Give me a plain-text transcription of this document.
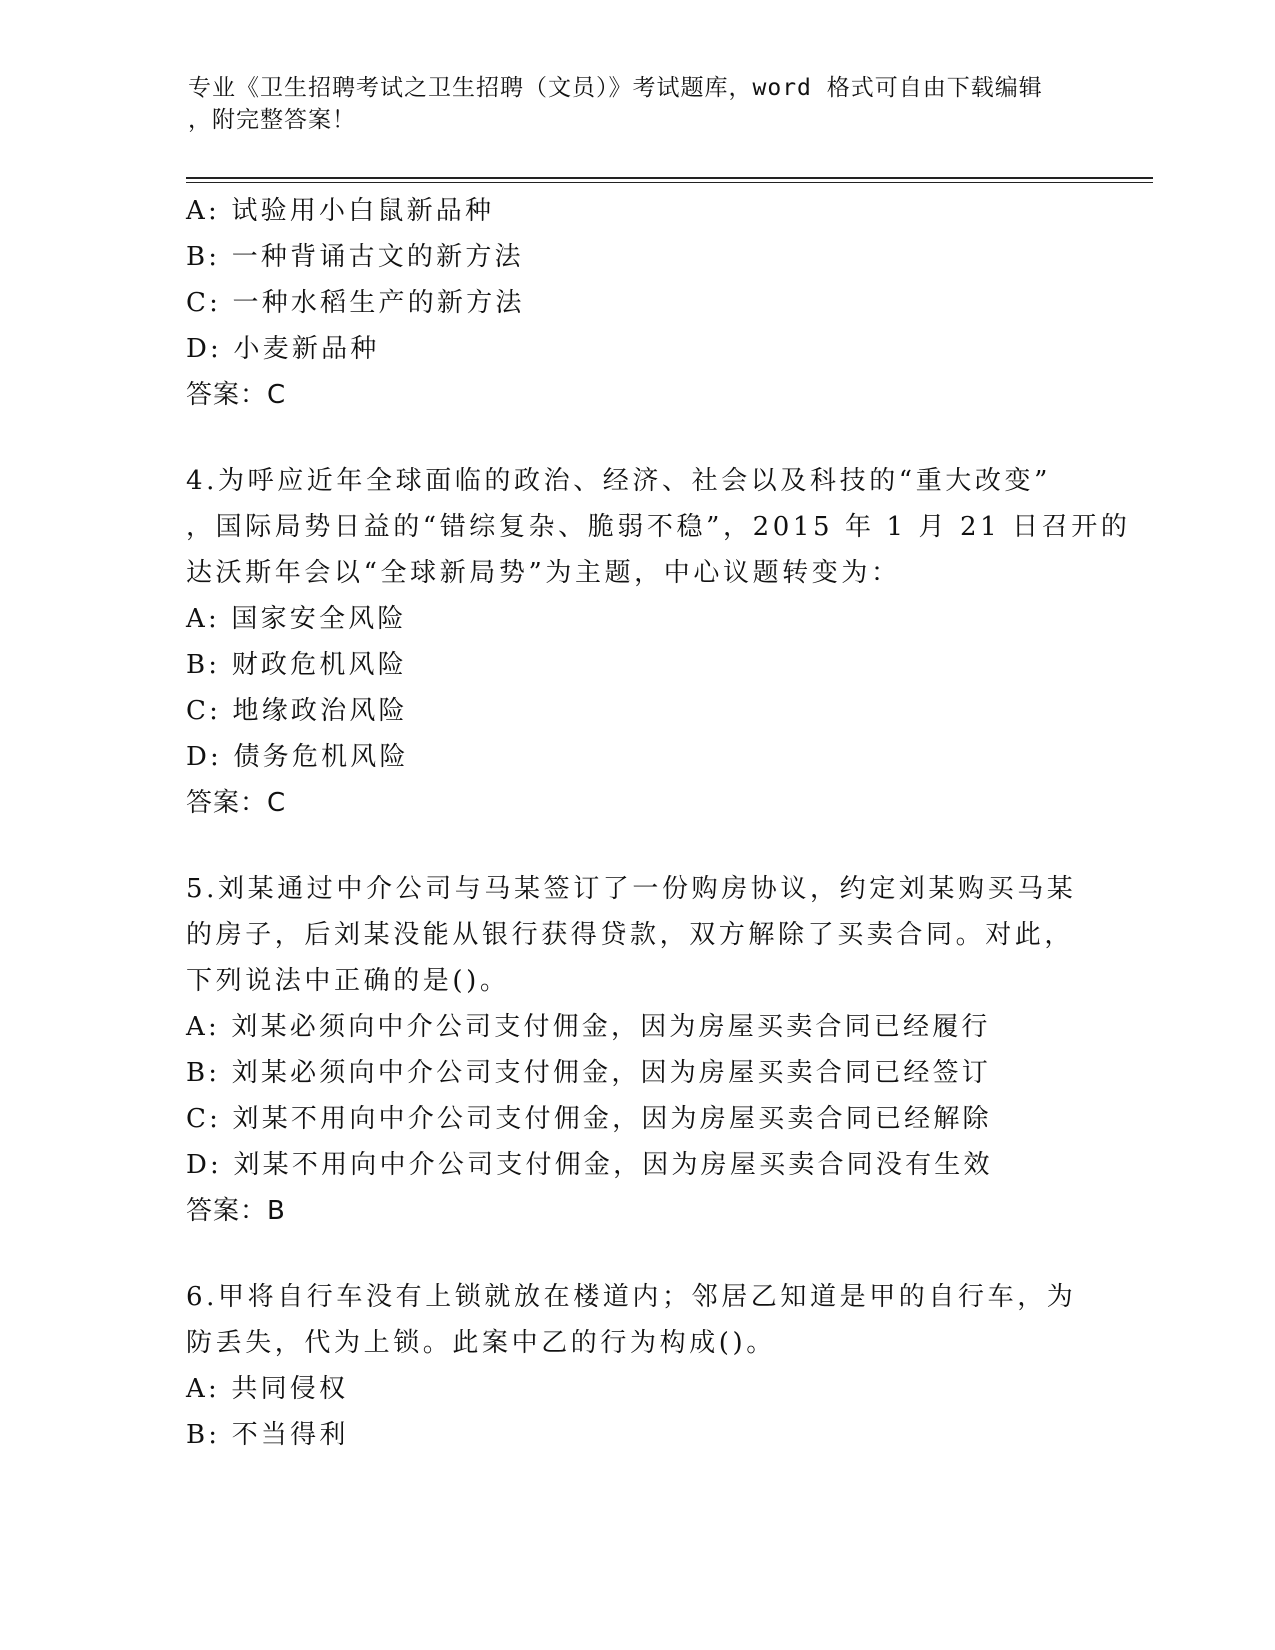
专业《卫生招聘考试之卫生招聘（文员）》考试题库，word 格式可自由下载编辑
，附完整答案！
A: 试验用小白鼠新品种
B: 一种背诵古文的新方法
C: 一种水稻生产的新方法
D: 小麦新品种
答案：C
4.为呼应近年全球面临的政治、经济、社会以及科技的“重大改变”
，国际局势日益的“错综复杂、脆弱不稳”，2015 年 1 月 21 日召开的
达沃斯年会以“全球新局势”为主题，中心议题转变为：
A: 国家安全风险
B: 财政危机风险
C: 地缘政治风险
D: 债务危机风险
答案：C
5.刘某通过中介公司与马某签订了一份购房协议，约定刘某购买马某
的房子，后刘某没能从银行获得贷款，双方解除了买卖合同。对此，
下列说法中正确的是()。
A: 刘某必须向中介公司支付佣金，因为房屋买卖合同已经履行
B: 刘某必须向中介公司支付佣金，因为房屋买卖合同已经签订
C: 刘某不用向中介公司支付佣金，因为房屋买卖合同已经解除
D: 刘某不用向中介公司支付佣金，因为房屋买卖合同没有生效
答案：B
6.甲将自行车没有上锁就放在楼道内；邻居乙知道是甲的自行车，为
防丢失，代为上锁。此案中乙的行为构成()。
A: 共同侵权
B: 不当得利
